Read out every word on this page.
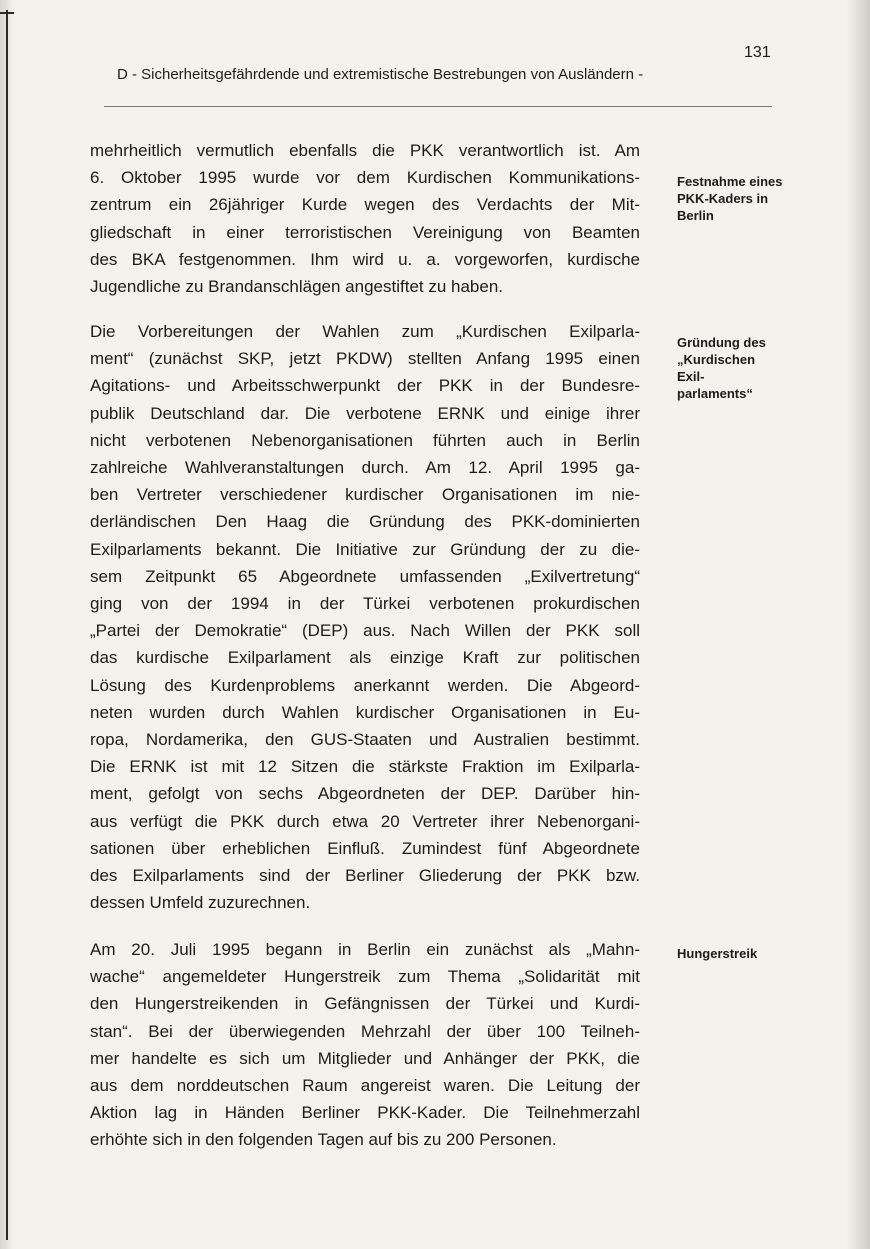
131
D - Sicherheitsgefährdende und extremistische Bestrebungen von Ausländern -
mehrheitlich vermutlich ebenfalls die PKK verantwortlich ist. Am
6. Oktober 1995 wurde vor dem Kurdischen Kommunikations-
zentrum ein 26jähriger Kurde wegen des Verdachts der Mit-
gliedschaft in einer terroristischen Vereinigung von Beamten
des BKA festgenommen. Ihm wird u. a. vorgeworfen, kurdische
Jugendliche zu Brandanschlägen angestiftet zu haben.
Die Vorbereitungen der Wahlen zum „Kurdischen Exilparla-
ment“ (zunächst SKP, jetzt PKDW) stellten Anfang 1995 einen
Agitations- und Arbeitsschwerpunkt der PKK in der Bundesre-
publik Deutschland dar. Die verbotene ERNK und einige ihrer
nicht verbotenen Nebenorganisationen führten auch in Berlin
zahlreiche Wahlveranstaltungen durch. Am 12. April 1995 ga-
ben Vertreter verschiedener kurdischer Organisationen im nie-
derländischen Den Haag die Gründung des PKK-dominierten
Exilparlaments bekannt. Die Initiative zur Gründung der zu die-
sem Zeitpunkt 65 Abgeordnete umfassenden „Exilvertretung“
ging von der 1994 in der Türkei verbotenen prokurdischen
„Partei der Demokratie“ (DEP) aus. Nach Willen der PKK soll
das kurdische Exilparlament als einzige Kraft zur politischen
Lösung des Kurdenproblems anerkannt werden. Die Abgeord-
neten wurden durch Wahlen kurdischer Organisationen in Eu-
ropa, Nordamerika, den GUS-Staaten und Australien bestimmt.
Die ERNK ist mit 12 Sitzen die stärkste Fraktion im Exilparla-
ment, gefolgt von sechs Abgeordneten der DEP. Darüber hin-
aus verfügt die PKK durch etwa 20 Vertreter ihrer Nebenorgani-
sationen über erheblichen Einfluß. Zumindest fünf Abgeordnete
des Exilparlaments sind der Berliner Gliederung der PKK bzw.
dessen Umfeld zuzurechnen.
Am 20. Juli 1995 begann in Berlin ein zunächst als „Mahn-
wache“ angemeldeter Hungerstreik zum Thema „Solidarität mit
den Hungerstreikenden in Gefängnissen der Türkei und Kurdi-
stan“. Bei der überwiegenden Mehrzahl der über 100 Teilneh-
mer handelte es sich um Mitglieder und Anhänger der PKK, die
aus dem norddeutschen Raum angereist waren. Die Leitung der
Aktion lag in Händen Berliner PKK-Kader. Die Teilnehmerzahl
erhöhte sich in den folgenden Tagen auf bis zu 200 Personen.
Festnahme eines
PKK-Kaders in
Berlin
Gründung des
„Kurdischen
Exil-
parlaments“
Hungerstreik
